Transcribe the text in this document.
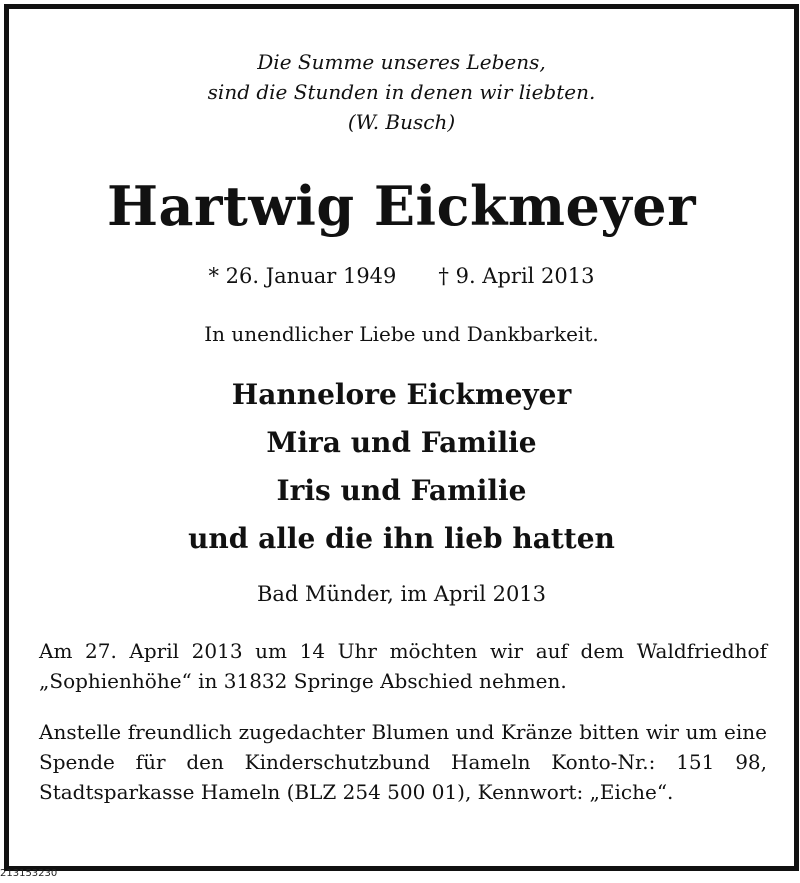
Die Summe unseres Lebens,
sind die Stunden in denen wir liebten.
(W. Busch)
Hartwig Eickmeyer
* 26. Januar 1949 † 9. April 2013
In unendlicher Liebe und Dankbarkeit.
Hannelore Eickmeyer
Mira und Familie
Iris und Familie
und alle die ihn lieb hatten
Bad Münder, im April 2013
Am 27. April 2013 um 14 Uhr möchten wir auf dem Waldfriedhof „Sophienhöhe“ in 31832 Springe Abschied nehmen.
Anstelle freundlich zugedachter Blumen und Kränze bitten wir um eine Spende für den Kinderschutzbund Hameln Konto-Nr.: 151 98, Stadtsparkasse Hameln (BLZ 254 500 01), Kennwort: „Eiche“.
213153230
